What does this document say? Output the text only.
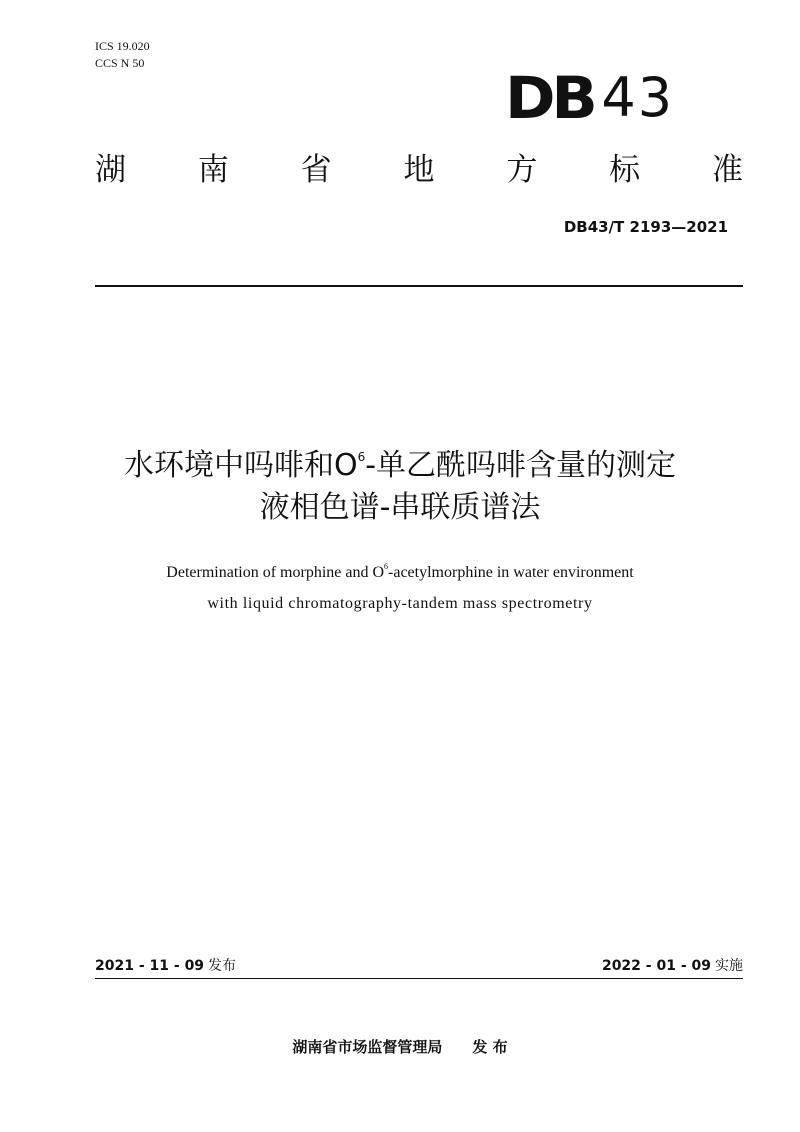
ICS 19.020
CCS N 50
DB 43
湖 南 省 地 方 标 准
DB43/T 2193—2021
水环境中吗啡和$O^6-$单乙酰吗啡含量的测定
液相色谱-串联质谱法
Determination of morphine and $O^6$-acetylmorphine in water environment
with liquid chromatography-tandem mass spectrometry
2021 - 11 - 09 发布	2022 - 01 - 09 实施
湖南省市场监督管理局 发 布
